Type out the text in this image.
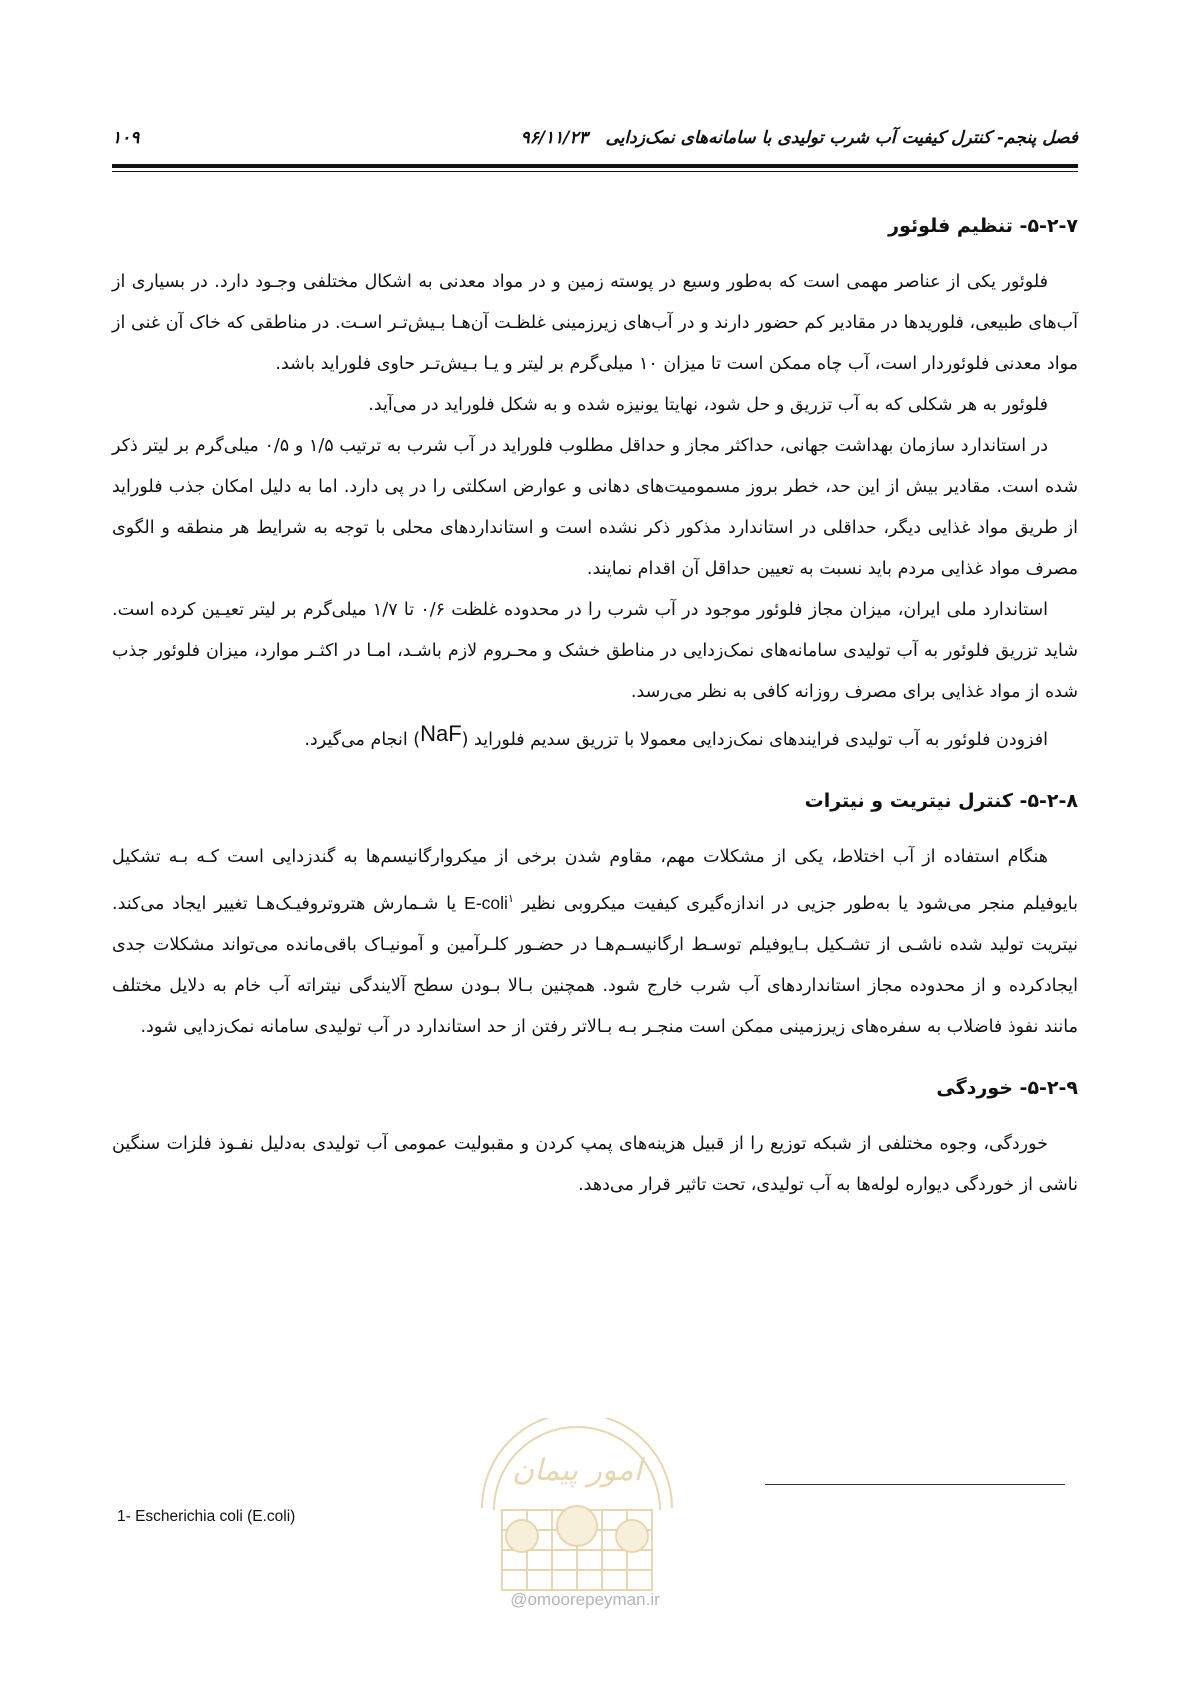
فصل پنجم- کنترل کیفیت آب شرب تولیدی با سامانه‌های نمک‌زدایی   ۹۶/۱۱/۲۳
۱۰۹
۵-۲-۷- تنظیم فلوئور

فلوئور یکی از عناصر مهمی است که به‌طور وسیع در پوسته زمین و در مواد معدنی به اشکال مختلفی وجـود دارد. در بسیاری از آب‌های طبیعی، فلوریدها در مقادیر کم حضور دارند و در آب‌های زیرزمینی غلظـت آن‌هـا بـیش‌تـر اسـت. در مناطقی که خاک آن غنی از مواد معدنی فلوئوردار است، آب چاه ممکن است تا میزان ۱۰ میلی‌گرم بر لیتر و یـا بـیش‌تـر حاوی فلوراید باشد.

فلوئور به هر شکلی که به آب تزریق و حل شود، نهایتا یونیزه شده و به شکل فلوراید در می‌آید.

در استاندارد سازمان بهداشت جهانی، حداکثر مجاز و حداقل مطلوب فلوراید در آب شرب به ترتیب ۱/۵ و ۰/۵ میلی‌گرم بر لیتر ذکر شده است. مقادیر بیش از این حد، خطر بروز مسمومیت‌های دهانی و عوارض اسکلتی را در پی دارد. اما به دلیل امکان جذب فلوراید از طریق مواد غذایی دیگر، حداقلی در استاندارد مذکور ذکر نشده است و استانداردهای محلی با توجه به شرایط هر منطقه و الگوی مصرف مواد غذایی مردم باید نسبت به تعیین حداقل آن اقدام نمایند.

استاندارد ملی ایران، میزان مجاز فلوئور موجود در آب شرب را در محدوده غلظت ۰/۶ تا ۱/۷ میلی‌گرم بر لیتر تعیـین کرده است. شاید تزریق فلوئور به آب تولیدی سامانه‌های نمک‌زدایی در مناطق خشک و محـروم لازم باشـد، امـا در اکثـر موارد، میزان فلوئور جذب شده از مواد غذایی برای مصرف روزانه کافی به نظر می‌رسد.

افزودن فلوئور به آب تولیدی فرایندهای نمک‌زدایی معمولا با تزریق سدیم فلوراید (NaF) انجام می‌گیرد.

۵-۲-۸- کنترل نیتریت و نیترات

هنگام استفاده از آب اختلاط، یکی از مشکلات مهم، مقاوم شدن برخی از میکروارگانیسم‌ها به گندزدایی است کـه بـه تشکیل بایوفیلم منجر می‌شود یا به‌طور جزیی در اندازه‌گیری کیفیت میکروبی نظیر E-coli$^۱$ یا شـمارش هتروتروفیـک‌هـا تغییر ایجاد می‌کند. نیتریت تولید شده ناشـی از تشـکیل بـایوفیلم توسـط ارگانیسـم‌هـا در حضـور کلـرآمین و آمونیـاک باقی‌مانده می‌تواند مشکلات جدی ایجادکرده و از محدوده مجاز استانداردهای آب شرب خارج شود. همچنین بـالا بـودن سطح آلایندگی نیتراته آب خام به دلایل مختلف مانند نفوذ فاضلاب به سفره‌های زیرزمینی ممکن است منجـر بـه بـالاتر رفتن از حد استاندارد در آب تولیدی سامانه نمک‌زدایی شود.

۵-۲-۹- خوردگی

خوردگی، وجوه مختلفی از شبکه توزیع را از قبیل هزینه‌های پمپ کردن و مقبولیت عمومی آب تولیدی به‌دلیل نفـوذ فلزات سنگین ناشی از خوردگی دیواره لوله‌ها به آب تولیدی، تحت تاثیر قرار می‌دهد.

امور پیمان
@omoorepeyman.ir
1- Escherichia coli (E.coli)
